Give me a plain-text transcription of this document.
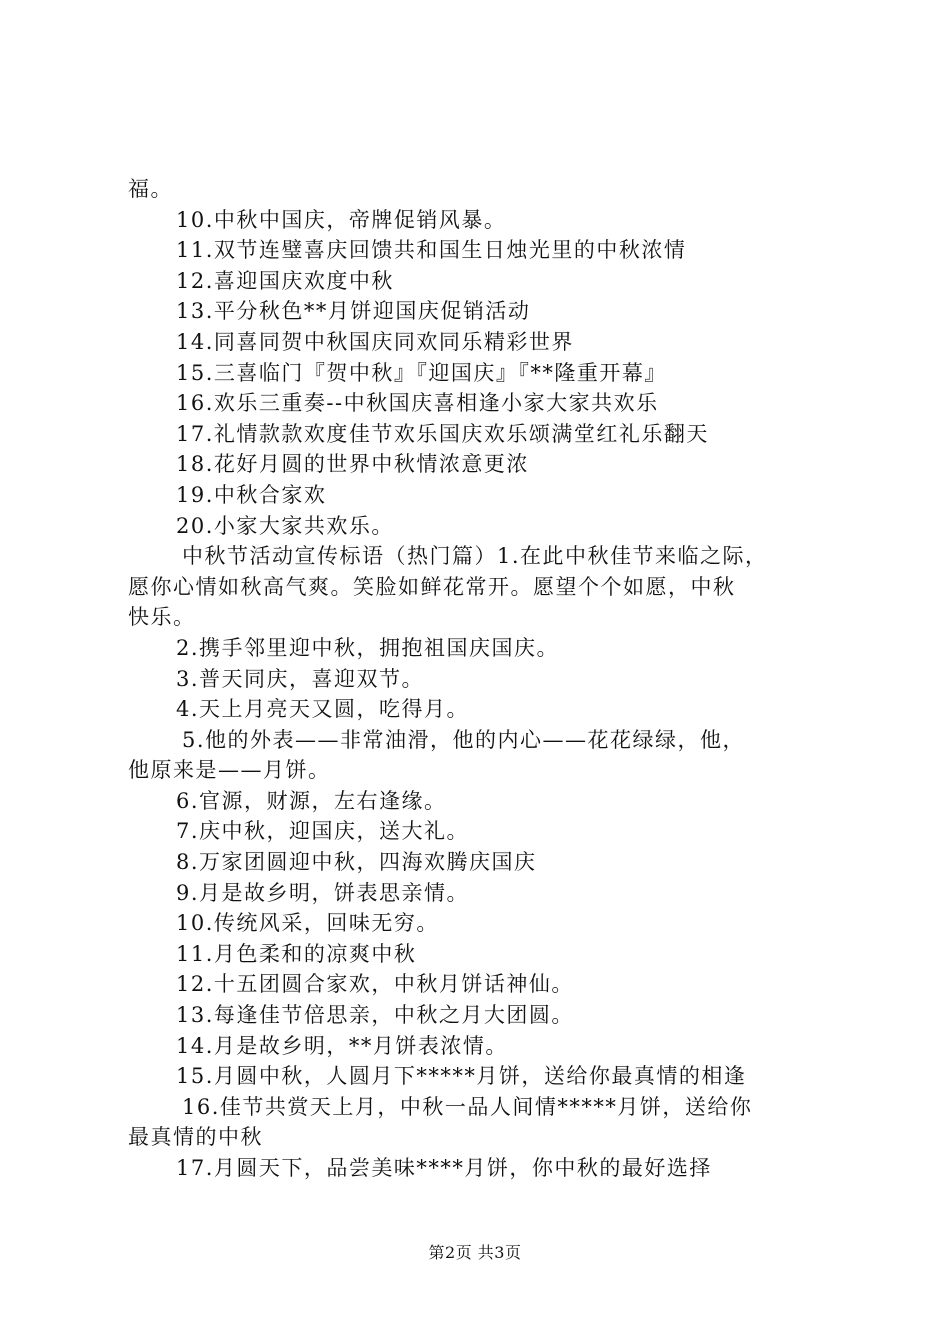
福。
10.中秋中国庆，帝牌促销风暴。
11.双节连璧喜庆回馈共和国生日烛光里的中秋浓情
12.喜迎国庆欢度中秋
13.平分秋色**月饼迎国庆促销活动
14.同喜同贺中秋国庆同欢同乐精彩世界
15.三喜临门『贺中秋』『迎国庆』『**隆重开幕』
16.欢乐三重奏--中秋国庆喜相逢小家大家共欢乐
17.礼情款款欢度佳节欢乐国庆欢乐颂满堂红礼乐翻天
18.花好月圆的世界中秋情浓意更浓
19.中秋合家欢
20.小家大家共欢乐。
中秋节活动宣传标语（热门篇）1.在此中秋佳节来临之际，
愿你心情如秋高气爽。笑脸如鲜花常开。愿望个个如愿，中秋
快乐。
2.携手邻里迎中秋，拥抱祖国庆国庆。
3.普天同庆，喜迎双节。
4.天上月亮天又圆，吃得月。
5.他的外表——非常油滑，他的内心——花花绿绿，他，
他原来是——月饼。
6.官源，财源，左右逢缘。
7.庆中秋，迎国庆，送大礼。
8.万家团圆迎中秋，四海欢腾庆国庆
9.月是故乡明，饼表思亲情。
10.传统风采，回味无穷。
11.月色柔和的凉爽中秋
12.十五团圆合家欢，中秋月饼话神仙。
13.每逢佳节倍思亲，中秋之月大团圆。
14.月是故乡明，**月饼表浓情。
15.月圆中秋，人圆月下*****月饼，送给你最真情的相逢
16.佳节共赏天上月，中秋一品人间情*****月饼，送给你
最真情的中秋
17.月圆天下，品尝美味****月饼，你中秋的最好选择
第2页 共3页
